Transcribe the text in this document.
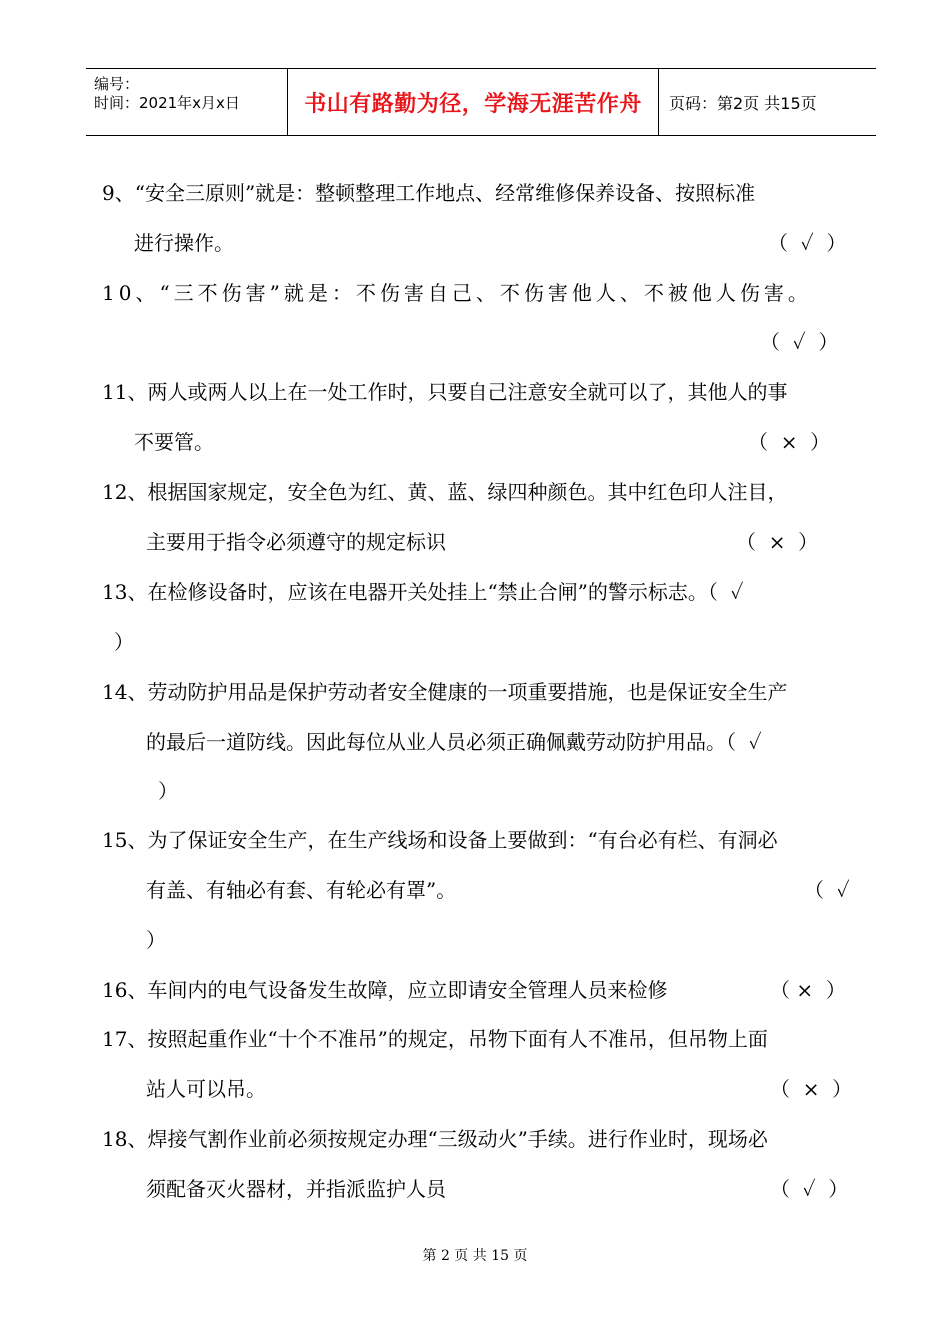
编号：
时间：2021年x月x日	书山有路勤为径，学海无涯苦作舟 页码：第2页 共15页
9、“安全三原则”就是：整顿整理工作地点、经常维修保养设备、按照标准
进行操作。	（  ✓  ）
10、“三不伤害”就是：不伤害自己、不伤害他人、不被他人伤害。
（  ✓  ）
11、两人或两人以上在一处工作时，只要自己注意安全就可以了，其他人的事
不要管。	（  ×  ）
12、根据国家规定，安全色为红、黄、蓝、绿四种颜色。其中红色印人注目，
主要用于指令必须遵守的规定标识	（  ×  ）
13、在检修设备时，应该在电器开关处挂上“禁止合闸”的警示标志。（  ✓
）
14、劳动防护用品是保护劳动者安全健康的一项重要措施，也是保证安全生产
的最后一道防线。因此每位从业人员必须正确佩戴劳动防护用品。（  ✓
）
15、为了保证安全生产，在生产线场和设备上要做到：“有台必有栏、有洞必
有盖、有轴必有套、有轮必有罩”。	（  ✓
）
16、车间内的电气设备发生故障，应立即请安全管理人员来检修	（ ×  ）
17、按照起重作业“十个不准吊”的规定，吊物下面有人不准吊，但吊物上面
站人可以吊。	（  ×  ）
18、焊接气割作业前必须按规定办理“三级动火”手续。进行作业时，现场必
须配备灭火器材，并指派监护人员	（  ✓  ）
第 2 页 共 15 页
